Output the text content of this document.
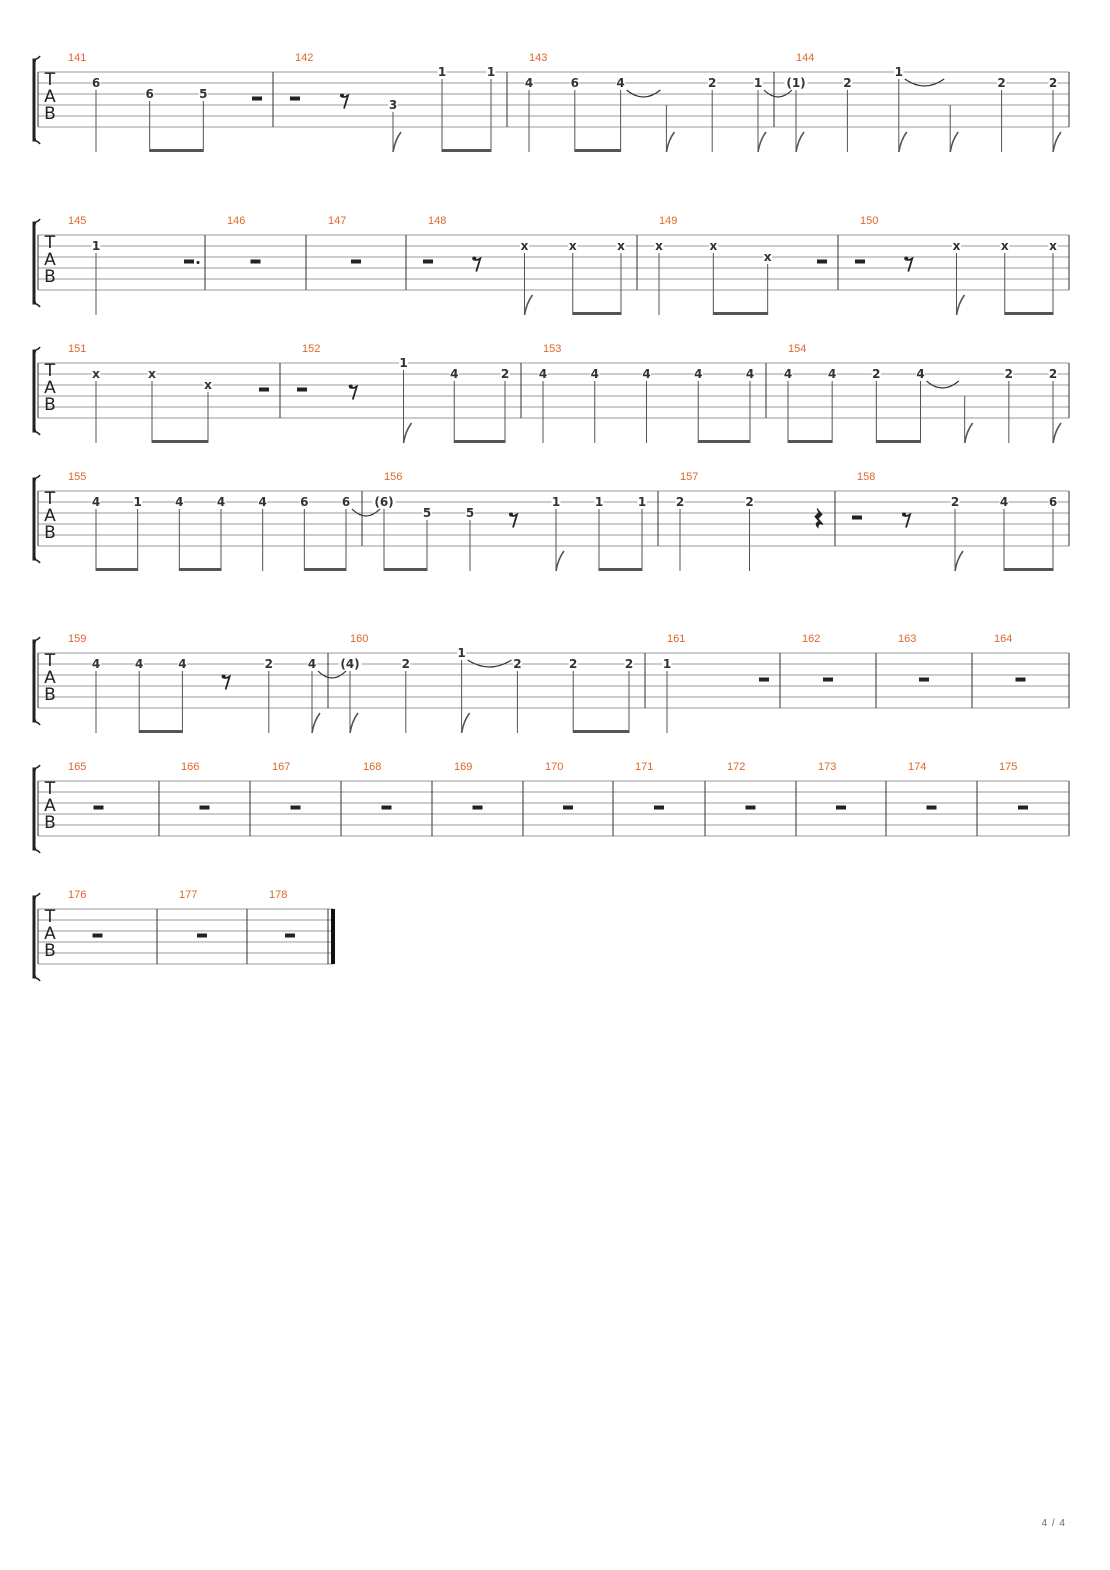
T
A
B
141
6
6	5
142
3
1	1
143
4	6	4	2	1
144
(1)	2
1
2	2
T
A
B
145
1
146	147	148
x	x	x
149
x	x
x
150
x	x	x
T
A
B
151
x	x
x
152
1
4	2
153
4	4	4	4	4
154
4	4	2	4	2	2
T
A
B
155
4	1	4	4	4	6	6
156
(6)
5	5
1	1	1
157
2	2
158
2	4	6
T
A
B
159
4	4	4	2	4
160
(4)	2
1
2	2	2
161
1
162	163	164
T
A
B
165	166	167	168	169	170	171	172	173	174	175
T
A
B
176	177	178
4 / 4
